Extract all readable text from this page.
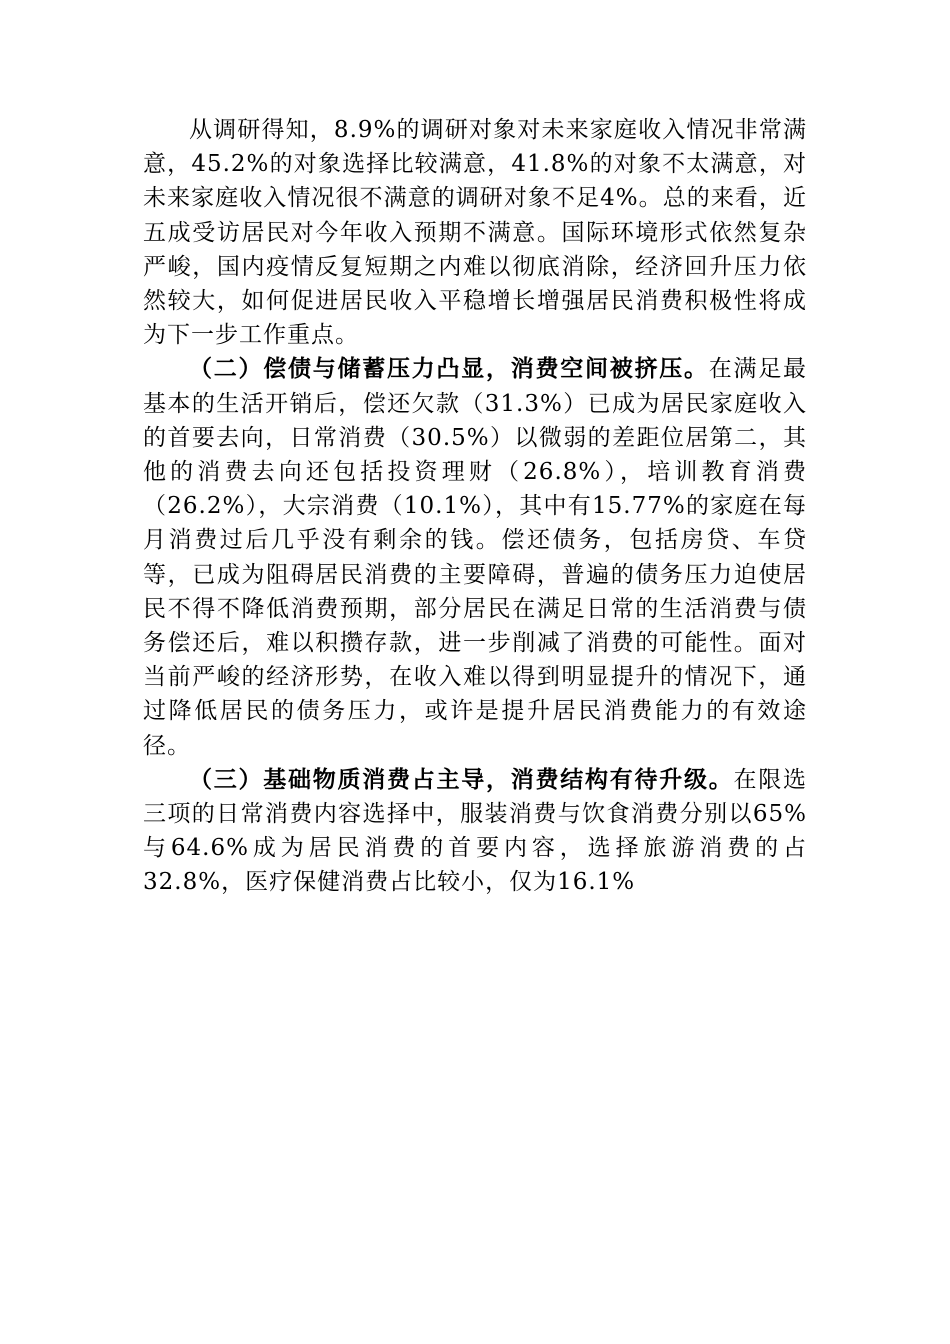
从调研得知，8.9%的调研对象对未来家庭收入情况非常满意，45.2%的对象选择比较满意，41.8%的对象不太满意，对未来家庭收入情况很不满意的调研对象不足4%。总的来看，近五成受访居民对今年收入预期不满意。国际环境形式依然复杂严峻，国内疫情反复短期之内难以彻底消除，经济回升压力依然较大，如何促进居民收入平稳增长增强居民消费积极性将成为下一步工作重点。

（二）偿债与储蓄压力凸显，消费空间被挤压。在满足最基本的生活开销后，偿还欠款（31.3%）已成为居民家庭收入的首要去向，日常消费（30.5%）以微弱的差距位居第二，其他的消费去向还包括投资理财（26.8%），培训教育消费（26.2%），大宗消费（10.1%），其中有15.77%的家庭在每月消费过后几乎没有剩余的钱。偿还债务，包括房贷、车贷等，已成为阻碍居民消费的主要障碍，普遍的债务压力迫使居民不得不降低消费预期，部分居民在满足日常的生活消费与债务偿还后，难以积攒存款，进一步削减了消费的可能性。面对当前严峻的经济形势，在收入难以得到明显提升的情况下，通过降低居民的债务压力，或许是提升居民消费能力的有效途径。

（三）基础物质消费占主导，消费结构有待升级。在限选三项的日常消费内容选择中，服装消费与饮食消费分别以65%与64.6%成为居民消费的首要内容，选择旅游消费的占32.8%，医疗保健消费占比较小，仅为16.1%
